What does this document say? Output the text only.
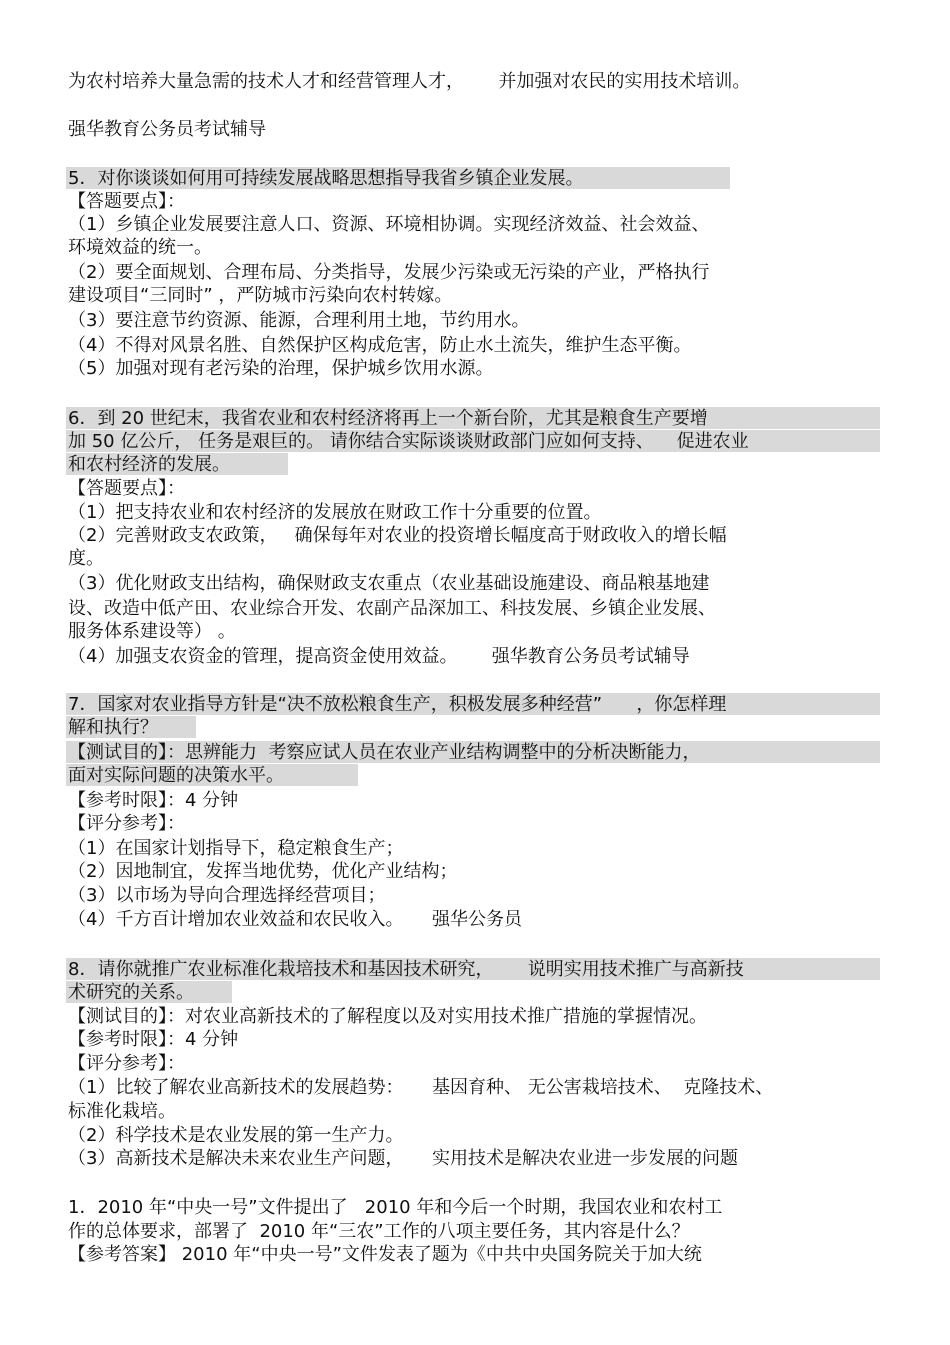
为农村培养大量急需的技术人才和经营管理人才，      并加强对农民的实用技术培训。
强华教育公务员考试辅导
5．对你谈谈如何用可持续发展战略思想指导我省乡镇企业发展。
【答题要点】：
（1）乡镇企业发展要注意人口、资源、环境相协调。实现经济效益、社会效益、
环境效益的统一。
（2）要全面规划、合理布局、分类指导，发展少污染或无污染的产业，严格执行
建设项目“三同时” ，严防城市污染向农村转嫁。
（3）要注意节约资源、能源，合理利用土地，节约用水。
（4）不得对风景名胜、自然保护区构成危害，防止水土流失，维护生态平衡。
（5）加强对现有老污染的治理，保护城乡饮用水源。
6．到 20 世纪末，我省农业和农村经济将再上一个新台阶，尤其是粮食生产要增
加 50 亿公斤， 任务是艰巨的。 请你结合实际谈谈财政部门应如何支持、    促进农业
和农村经济的发展。
【答题要点】：
（1）把支持农业和农村经济的发展放在财政工作十分重要的位置。
（2）完善财政支农政策，   确保每年对农业的投资增长幅度高于财政收入的增长幅
度。
（3）优化财政支出结构，确保财政支农重点（农业基础设施建设、商品粮基地建
设、改造中低产田、农业综合开发、农副产品深加工、科技发展、乡镇企业发展、
服务体系建设等） 。
（4）加强支农资金的管理，提高资金使用效益。      强华教育公务员考试辅导
7．国家对农业指导方针是“决不放松粮食生产，积极发展多种经营”      ，你怎样理
解和执行？
【测试目的】：思辨能力  考察应试人员在农业产业结构调整中的分析决断能力，
面对实际问题的决策水平。
【参考时限】：4 分钟
【评分参考】：
（1）在国家计划指导下，稳定粮食生产；
（2）因地制宜，发挥当地优势，优化产业结构；
（3）以市场为导向合理选择经营项目；
（4）千方百计增加农业效益和农民收入。     强华公务员
8．请你就推广农业标准化栽培技术和基因技术研究，      说明实用技术推广与高新技
术研究的关系。
【测试目的】：对农业高新技术的了解程度以及对实用技术推广措施的掌握情况。
【参考时限】：4 分钟
【评分参考】：
（1）比较了解农业高新技术的发展趋势：     基因育种、 无公害栽培技术、  克隆技术、
标准化栽培。
（2）科学技术是农业发展的第一生产力。
（3）高新技术是解决未来农业生产问题，     实用技术是解决农业进一步发展的问题
1．2010 年“中央一号”文件提出了   2010 年和今后一个时期，我国农业和农村工
作的总体要求，部署了  2010 年“三农”工作的八项主要任务，其内容是什么？
【参考答案】 2010 年“中央一号”文件发表了题为《中共中央国务院关于加大统
